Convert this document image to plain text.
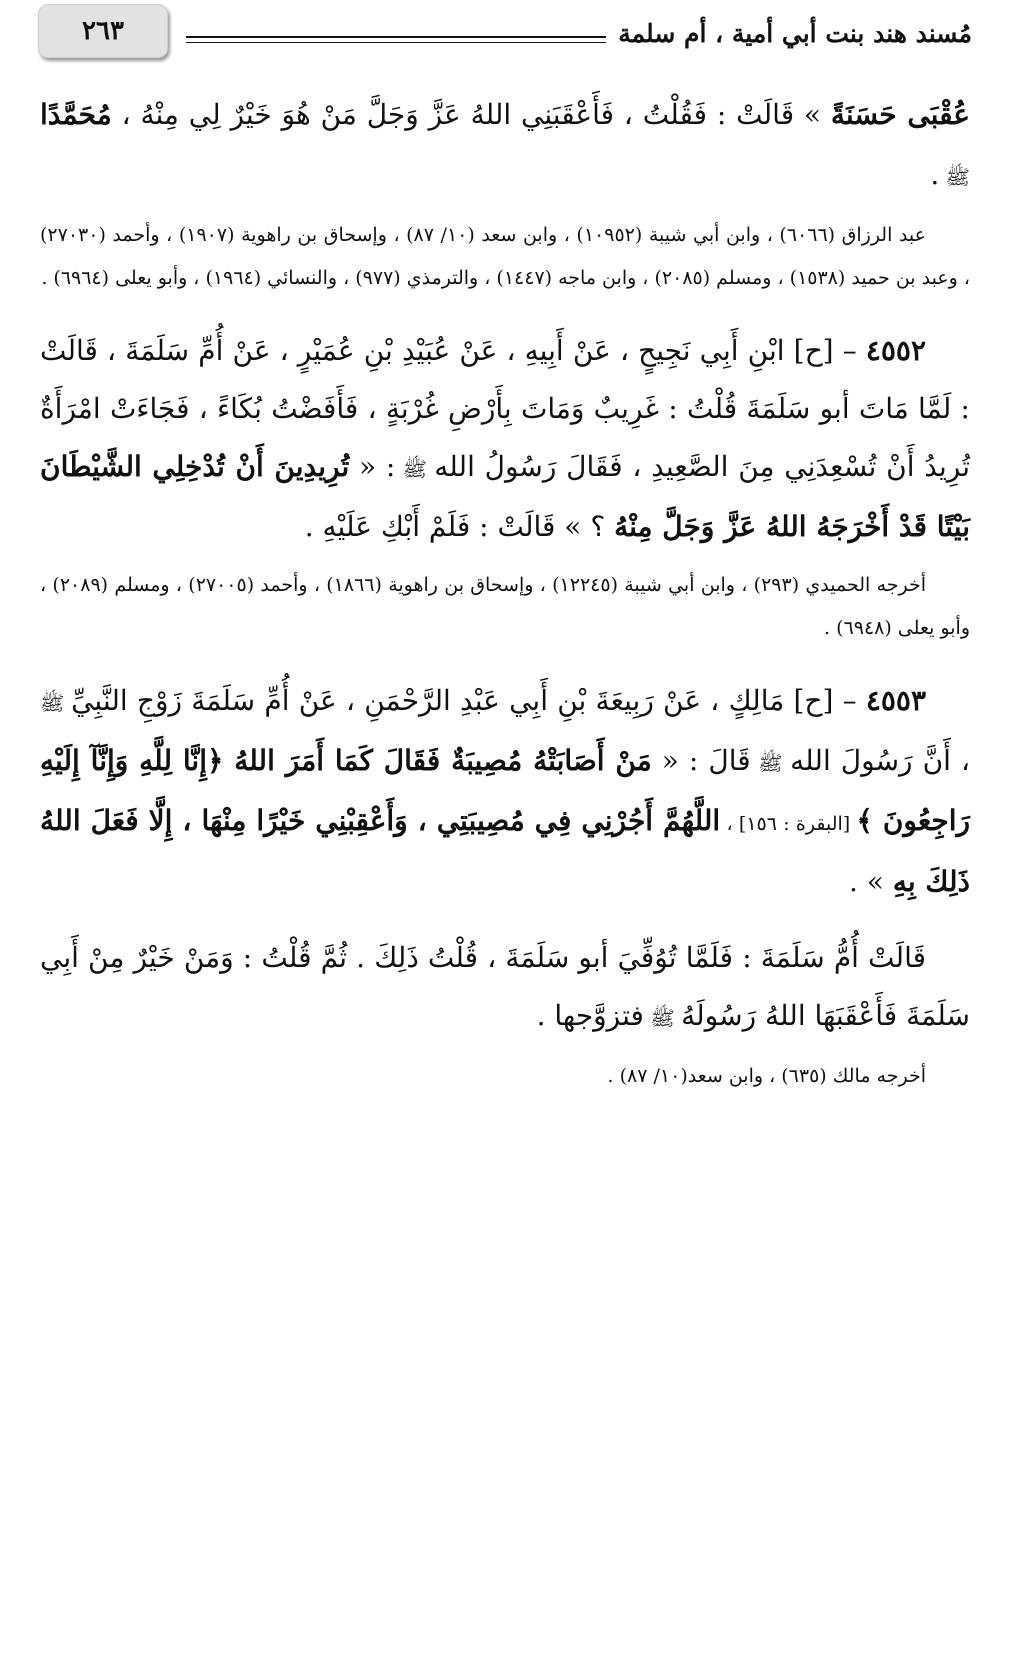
مُسند هند بنت أبي أمية ، أم سلمة
٢٦٣

عُقْبَى حَسَنَةً » قَالَتْ : فَقُلْتُ ، فَأَعْقَبَنِي اللهُ عَزَّ وَجَلَّ مَنْ هُوَ خَيْرٌ لِي مِنْهُ ، مُحَمَّدًا ﷺ .

عبد الرزاق (٦٠٦٦) ، وابن أبي شيبة (١٠٩٥٢) ، وابن سعد (١٠/ ٨٧) ، وإسحاق بن راهوية (١٩٠٧) ، وأحمد (٢٧٠٣٠) ، وعبد بن حميد (١٥٣٨) ، ومسلم (٢٠٨٥) ، وابن ماجه (١٤٤٧) ، والترمذي (٩٧٧) ، والنسائي (١٩٦٤) ، وأبو يعلى (٦٩٦٤) .

٤٥٥٢ – [ح] ابْنِ أَبِي نَجِيحٍ ، عَنْ أَبِيهِ ، عَنْ عُبَيْدِ بْنِ عُمَيْرٍ ، عَنْ أُمِّ سَلَمَةَ ، قَالَتْ : لَمَّا مَاتَ أبو سَلَمَةَ قُلْتُ : غَرِيبٌ وَمَاتَ بِأَرْضِ غُرْبَةٍ ، فَأَفَضْتُ بُكَاءً ، فَجَاءَتْ امْرَأَةٌ تُرِيدُ أَنْ تُسْعِدَنِي مِنَ الصَّعِيدِ ، فَقَالَ رَسُولُ الله ﷺ : « تُرِيدِينَ أَنْ تُدْخِلِي الشَّيْطَانَ بَيْتًا قَدْ أَخْرَجَهُ اللهُ عَزَّ وَجَلَّ مِنْهُ ؟ » قَالَتْ : فَلَمْ أَبْكِ عَلَيْهِ .

أخرجه الحميدي (٢٩٣) ، وابن أبي شيبة (١٢٢٤٥) ، وإسحاق بن راهوية (١٨٦٦) ، وأحمد (٢٧٠٠٥) ، ومسلم (٢٠٨٩) ، وأبو يعلى (٦٩٤٨) .

٤٥٥٣ – [ح] مَالِكٍ ، عَنْ رَبِيعَةَ بْنِ أَبِي عَبْدِ الرَّحْمَنِ ، عَنْ أُمِّ سَلَمَةَ زَوْجِ النَّبِيِّ ﷺ ، أَنَّ رَسُولَ الله ﷺ قَالَ : « مَنْ أَصَابَتْهُ مُصِيبَةٌ فَقَالَ كَمَا أَمَرَ اللهُ ﴿إِنَّا لِلَّهِ وَإِنَّآ إِلَيْهِ رَاجِعُونَ ﴾ [البقرة : ١٥٦] ، اللَّهُمَّ أَجُرْنِي فِي مُصِيبَتِي ، وَأَعْقِبْنِي خَيْرًا مِنْهَا ، إِلَّا فَعَلَ اللهُ ذَلِكَ بِهِ » .

قَالَتْ أُمُّ سَلَمَةَ : فَلَمَّا تُوُفِّيَ أبو سَلَمَةَ ، قُلْتُ ذَلِكَ . ثُمَّ قُلْتُ : وَمَنْ خَيْرٌ مِنْ أَبِي سَلَمَةَ فَأَعْقَبَهَا اللهُ رَسُولَهُ ﷺ فتزوَّجها .

أخرجه مالك (٦٣٥) ، وابن سعد(١٠/ ٨٧) .
